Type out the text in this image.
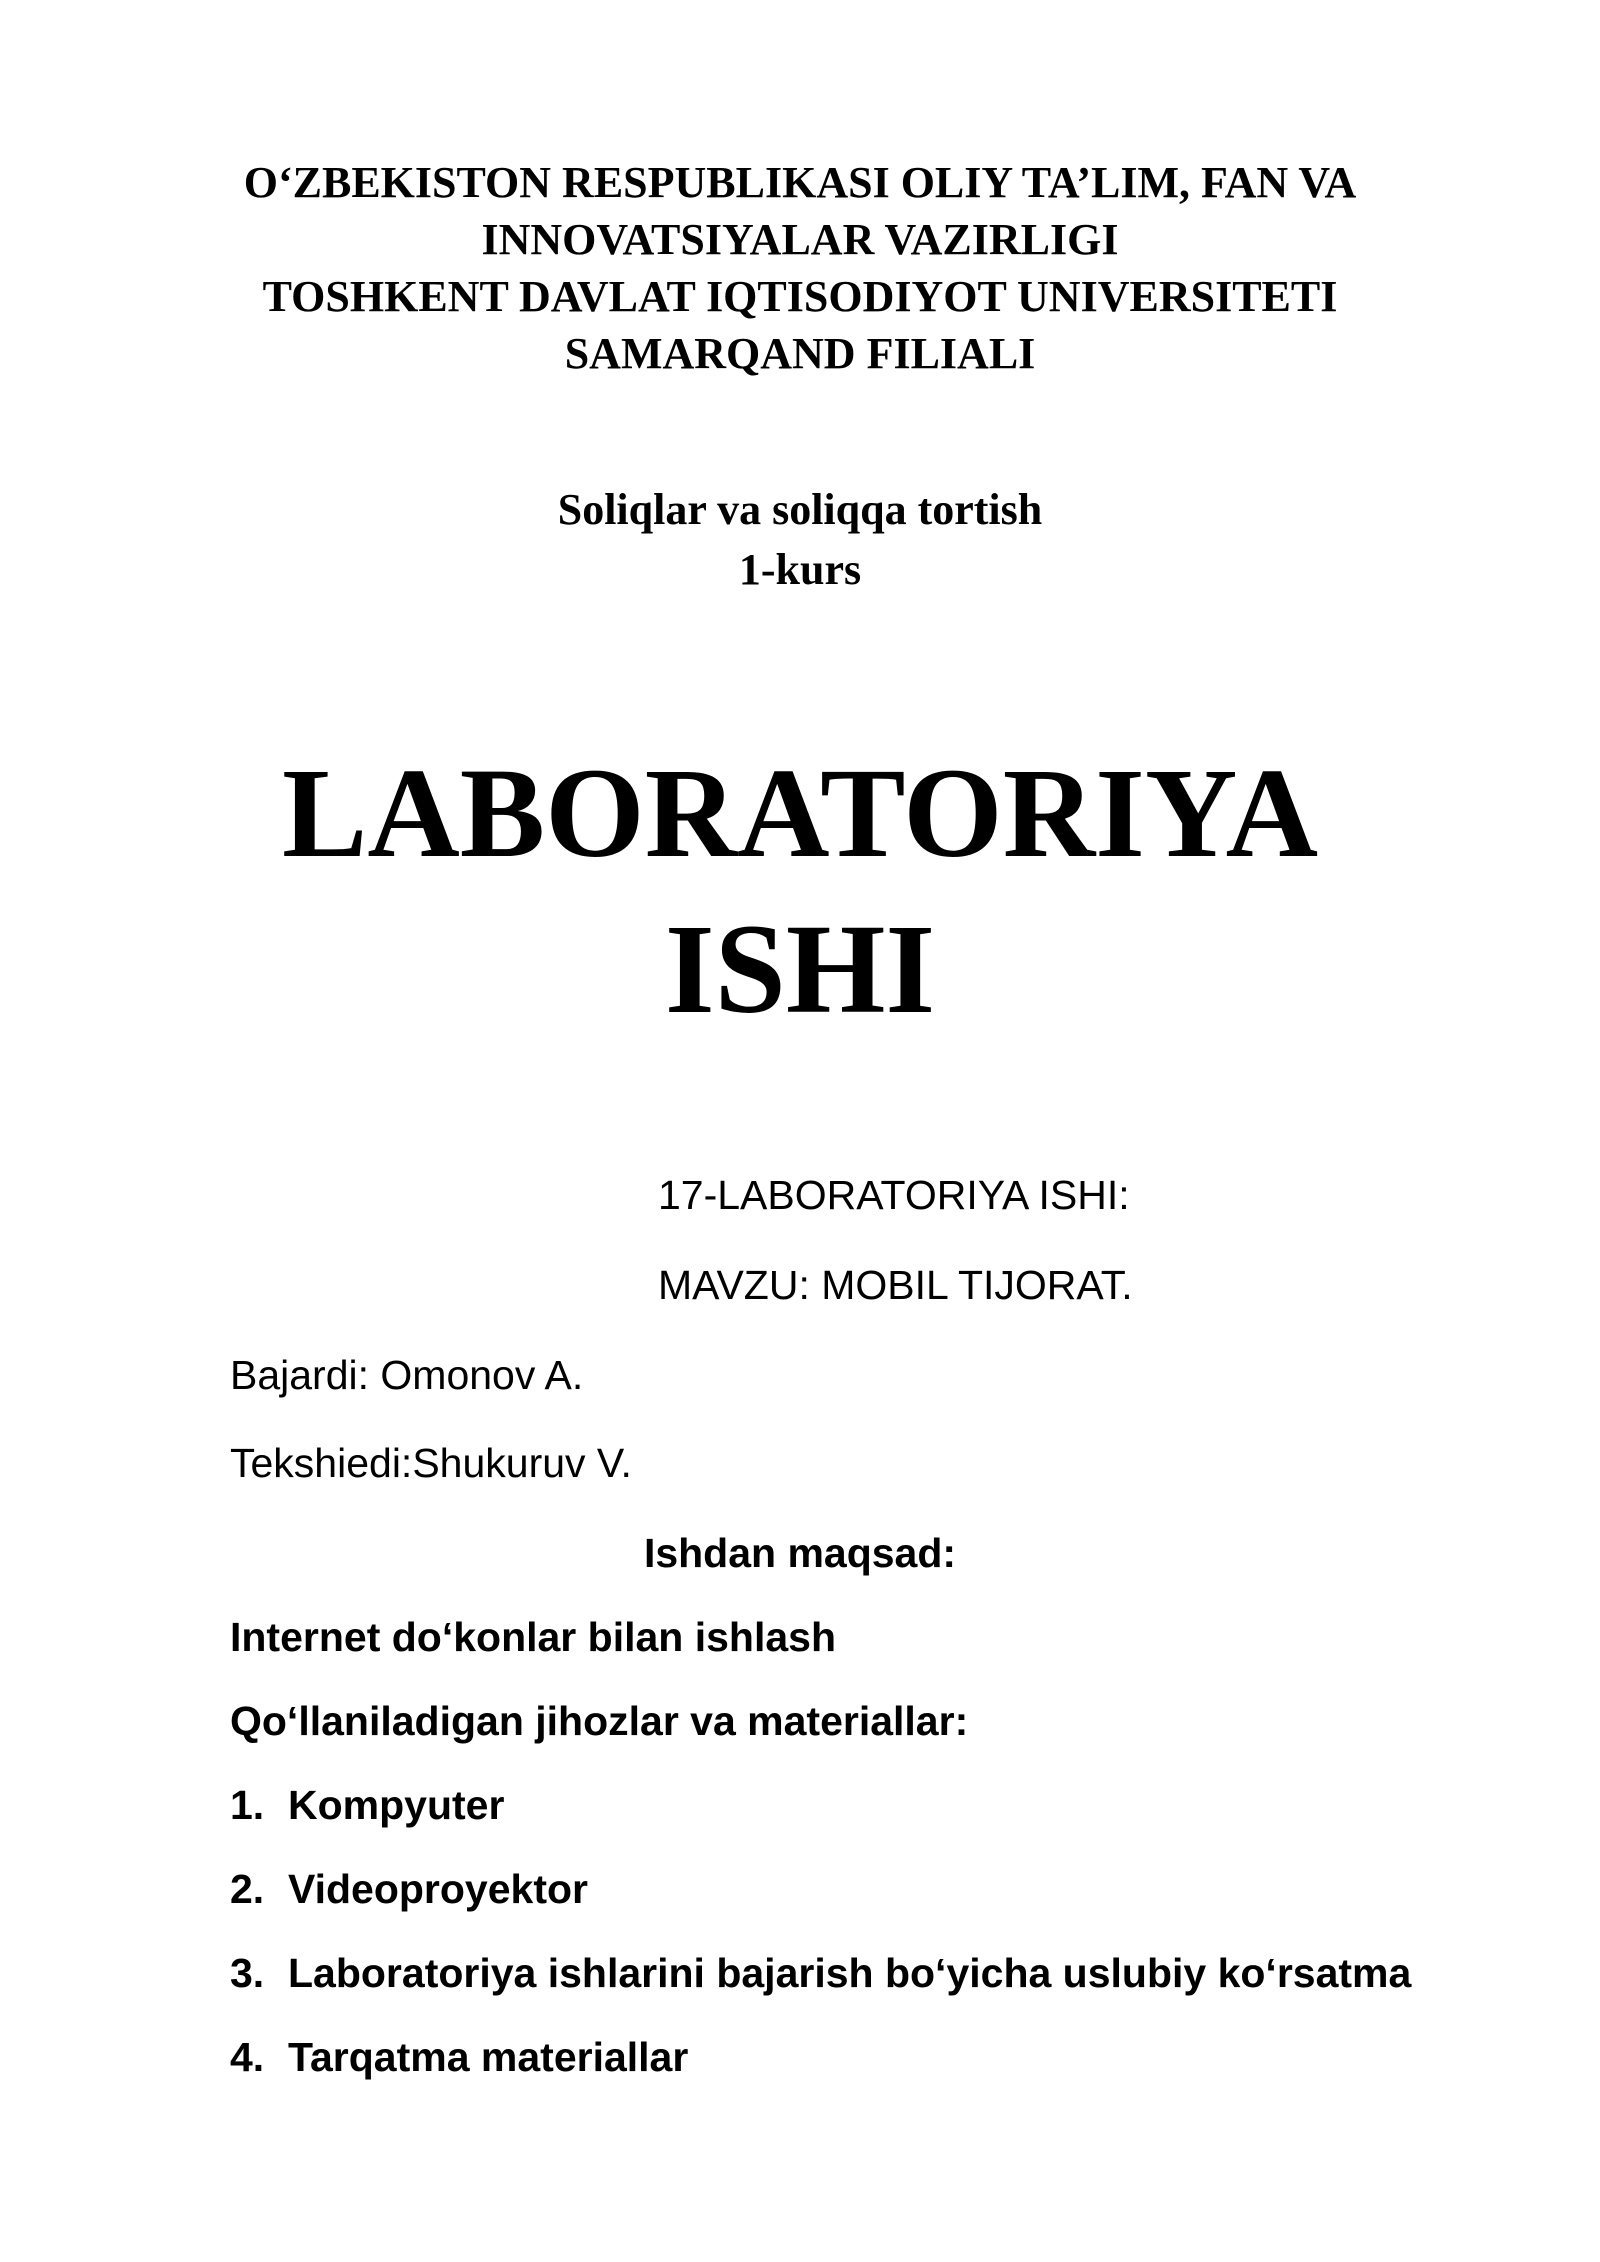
O‘ZBEKISTON RESPUBLIKASI OLIY TA’LIM, FAN VA
INNOVATSIYALAR VAZIRLIGI
TOSHKENT DAVLAT IQTISODIYOT UNIVERSITETI
SAMARQAND FILIALI
Soliqlar va soliqqa tortish
1-kurs
LABORATORIYA
ISHI
17-LABORATORIYA ISHI:
MAVZU: MOBIL TIJORAT.
Bajardi: Omonov A.
Tekshiedi:Shukuruv V.
Ishdan maqsad:
Internet do‘konlar bilan ishlash
Qo‘llaniladigan jihozlar va materiallar:
1. Kompyuter
2. Videoproyektor
3. Laboratoriya ishlarini bajarish bo‘yicha uslubiy ko‘rsatma
4. Tarqatma materiallar
